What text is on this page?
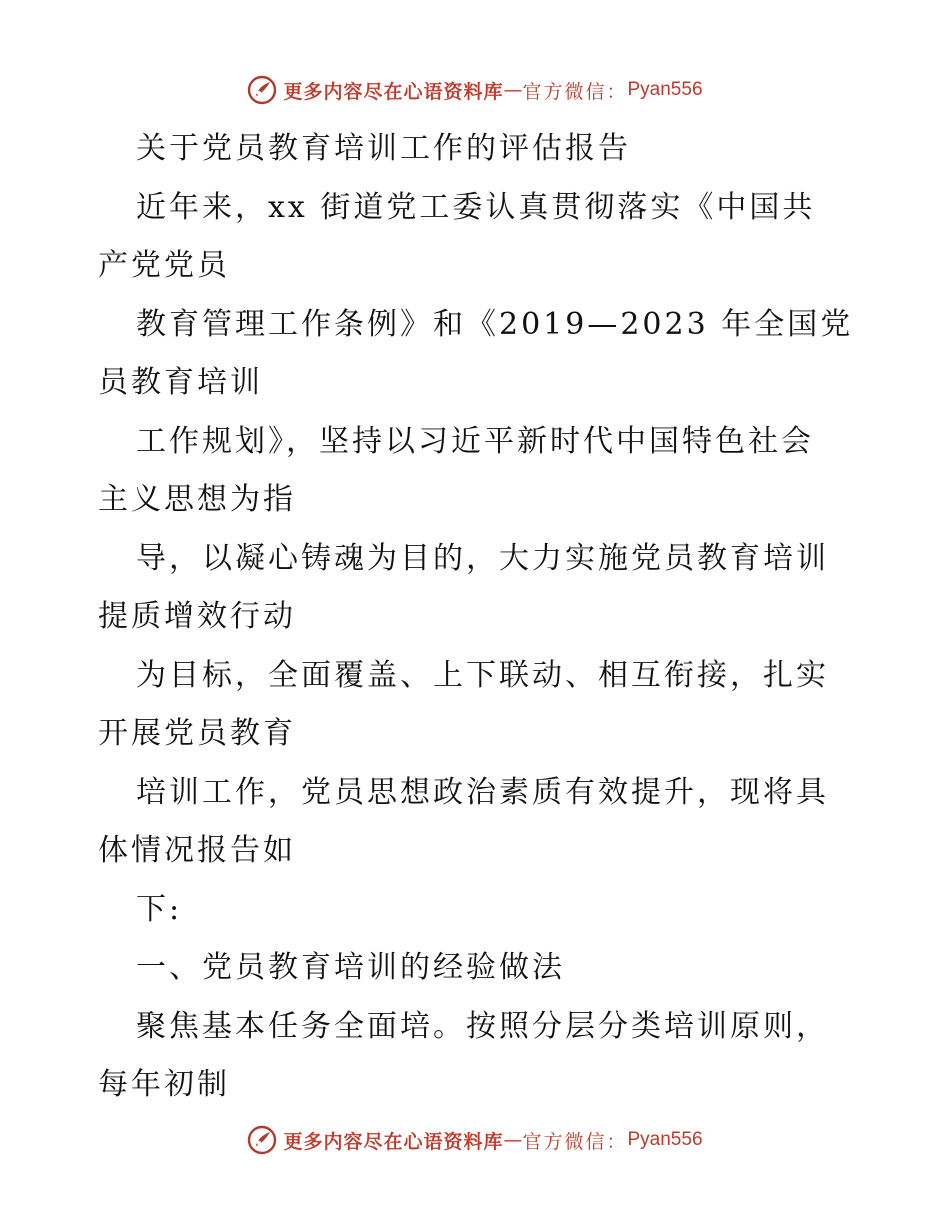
更多内容尽在心语资料库 — 官方微信： Pyan556
关于党员教育培训工作的评估报告
近年来，xx 街道党工委认真贯彻落实《中国共
产党党员
教育管理工作条例》和《2019—2023 年全国党
员教育培训
工作规划》，坚持以习近平新时代中国特色社会
主义思想为指
导，以凝心铸魂为目的，大力实施党员教育培训
提质增效行动
为目标，全面覆盖、上下联动、相互衔接，扎实
开展党员教育
培训工作，党员思想政治素质有效提升，现将具
体情况报告如
下:
一、党员教育培训的经验做法
聚焦基本任务全面培。按照分层分类培训原则，
每年初制
更多内容尽在心语资料库 — 官方微信： Pyan556
